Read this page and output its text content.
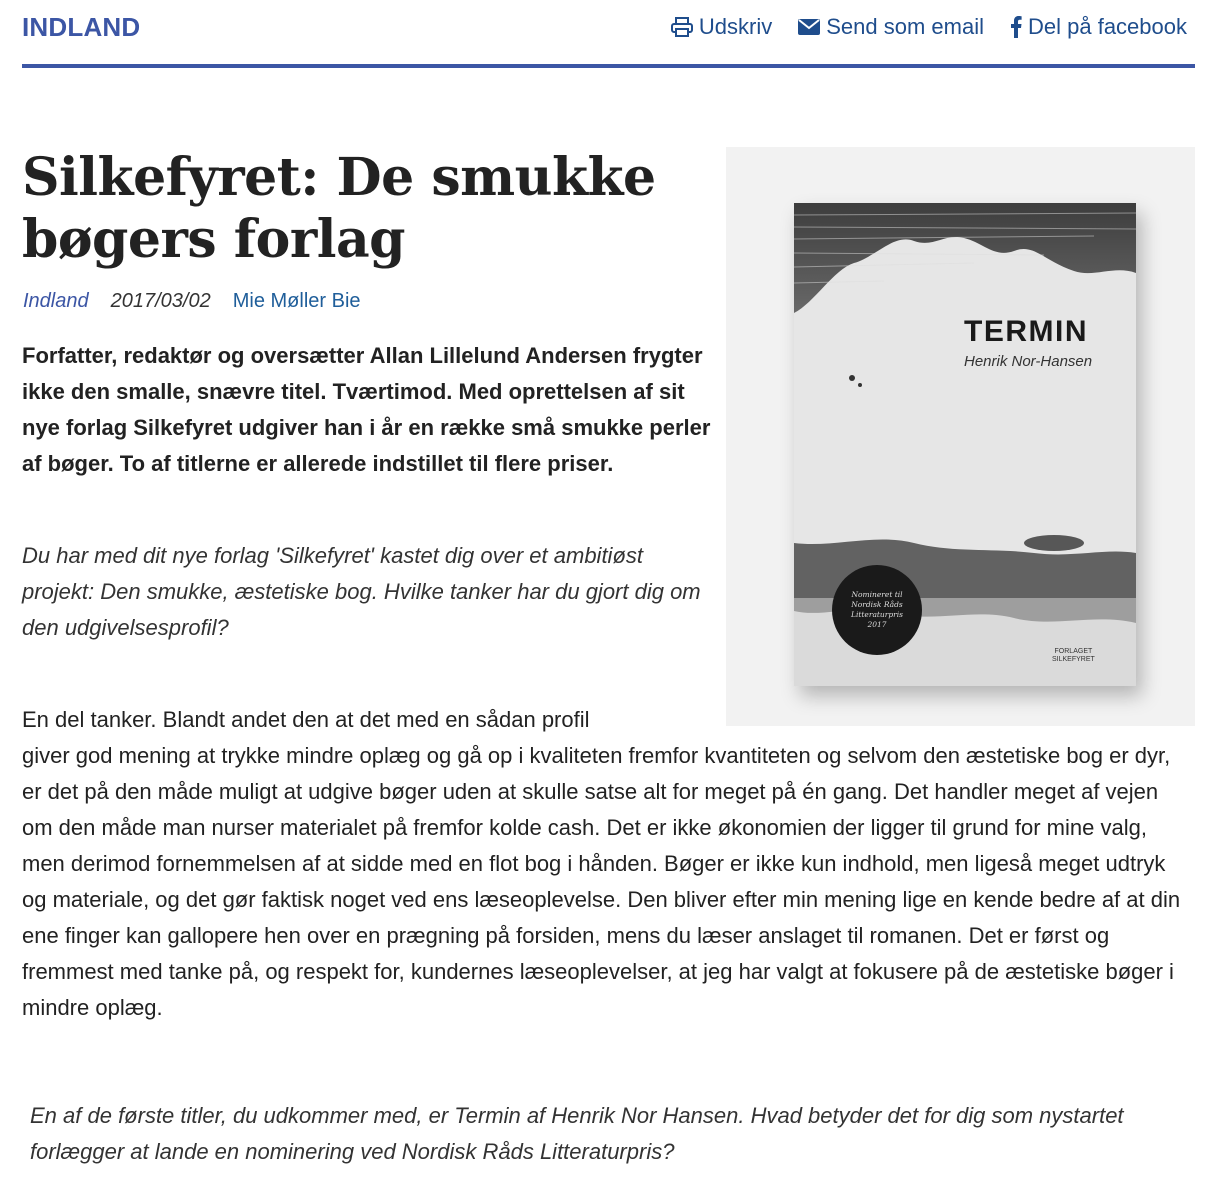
INDLAND	Udskriv Send som email Del på facebook
Silkefyret: De smukke bøgers forlag
Indland 2017/03/02 Mie Møller Bie
TERMIN
Henrik Nor-Hansen
Nomineret til
Nordisk Råds
Litteraturpris
2017
FORLAGET
SILKEFYRET

Forfatter, redaktør og oversætter Allan Lillelund Andersen frygter ikke den smalle, snævre titel. Tværtimod. Med oprettelsen af sit nye forlag Silkefyret udgiver han i år en række små smukke perler af bøger. To af titlerne er allerede indstillet til flere priser.

Du har med dit nye forlag 'Silkefyret' kastet dig over et ambitiøst projekt: Den smukke, æstetiske bog. Hvilke tanker har du gjort dig om den udgivelsesprofil?

En del tanker. Blandt andet den at det med en sådan profil

giver god mening at trykke mindre oplæg og gå op i kvaliteten fremfor kvantiteten og selvom den æstetiske bog er dyr, er det på den måde muligt at udgive bøger uden at skulle satse alt for meget på én gang. Det handler meget af vejen om den måde man nurser materialet på fremfor kolde cash. Det er ikke økonomien der ligger til grund for mine valg, men derimod fornemmelsen af at sidde med en flot bog i hånden. Bøger er ikke kun indhold, men ligeså meget udtryk og materiale, og det gør faktisk noget ved ens læseoplevelse. Den bliver efter min mening lige en kende bedre af at din ene finger kan gallopere hen over en prægning på forsiden, mens du læser anslaget til romanen. Det er først og fremmest med tanke på, og respekt for, kundernes læseoplevelser, at jeg har valgt at fokusere på de æstetiske bøger i mindre oplæg.

En af de første titler, du udkommer med, er Termin af Henrik Nor Hansen. Hvad betyder det for dig som nystartet forlægger at lande en nominering ved Nordisk Råds Litteraturpris?
